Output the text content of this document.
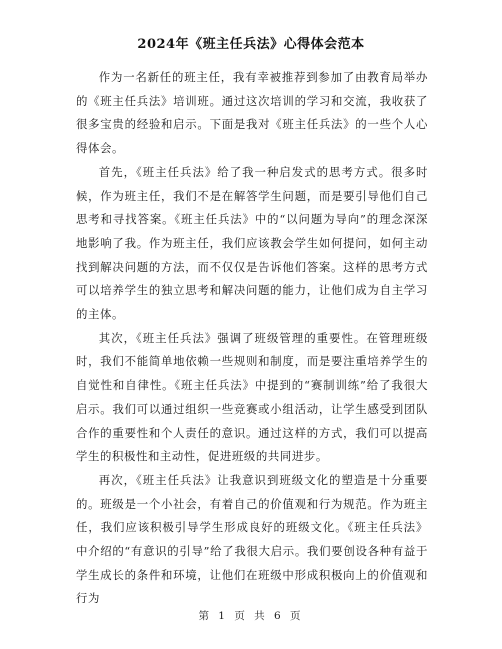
2024年《班主任兵法》心得体会范本

作为一名新任的班主任，我有幸被推荐到参加了由教育局举办的《班主任兵法》培训班。通过这次培训的学习和交流，我收获了很多宝贵的经验和启示。下面是我对《班主任兵法》的一些个人心得体会。

首先，《班主任兵法》给了我一种启发式的思考方式。很多时候，作为班主任，我们不是在解答学生问题，而是要引导他们自己思考和寻找答案。《班主任兵法》中的“以问题为导向”的理念深深地影响了我。作为班主任，我们应该教会学生如何提问，如何主动找到解决问题的方法，而不仅仅是告诉他们答案。这样的思考方式可以培养学生的独立思考和解决问题的能力，让他们成为自主学习的主体。

其次，《班主任兵法》强调了班级管理的重要性。在管理班级时，我们不能简单地依赖一些规则和制度，而是要注重培养学生的自觉性和自律性。《班主任兵法》中提到的“赛制训练”给了我很大启示。我们可以通过组织一些竞赛或小组活动，让学生感受到团队合作的重要性和个人责任的意识。通过这样的方式，我们可以提高学生的积极性和主动性，促进班级的共同进步。

再次，《班主任兵法》让我意识到班级文化的塑造是十分重要的。班级是一个小社会，有着自己的价值观和行为规范。作为班主任，我们应该积极引导学生形成良好的班级文化。《班主任兵法》中介绍的“有意识的引导”给了我很大启示。我们要创设各种有益于学生成长的条件和环境，让他们在班级中形成积极向上的价值观和行为

第 1 页 共 6 页
